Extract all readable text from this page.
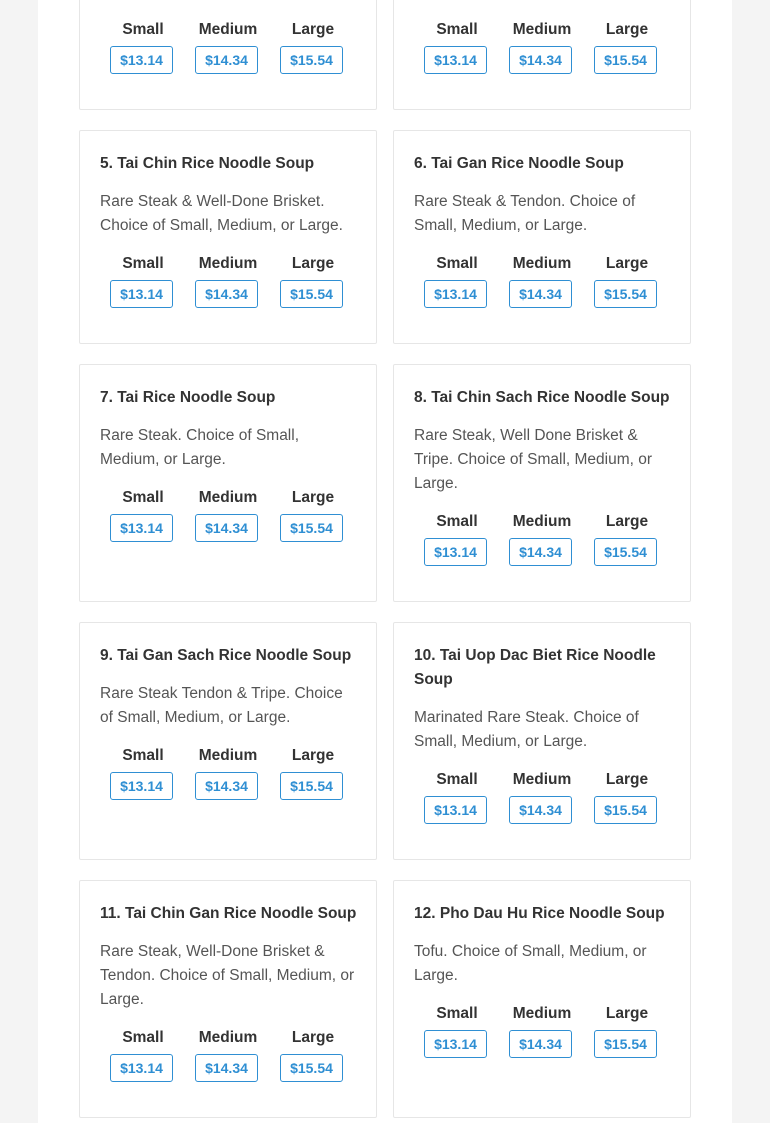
Small
$13.14
Medium
$14.34
Large
$15.54
Small
$13.14
Medium
$14.34
Large
$15.54
5. Tai Chin Rice Noodle Soup
Rare Steak & Well-Done Brisket. Choice of Small, Medium, or Large.
Small
$13.14
Medium
$14.34
Large
$15.54
6. Tai Gan Rice Noodle Soup
Rare Steak & Tendon. Choice of Small, Medium, or Large.
Small
$13.14
Medium
$14.34
Large
$15.54
7. Tai Rice Noodle Soup
Rare Steak. Choice of Small, Medium, or Large.
Small
$13.14
Medium
$14.34
Large
$15.54
8. Tai Chin Sach Rice Noodle Soup
Rare Steak, Well Done Brisket & Tripe. Choice of Small, Medium, or Large.
Small
$13.14
Medium
$14.34
Large
$15.54
9. Tai Gan Sach Rice Noodle Soup
Rare Steak Tendon & Tripe. Choice of Small, Medium, or Large.
Small
$13.14
Medium
$14.34
Large
$15.54
10. Tai Uop Dac Biet Rice Noodle Soup
Marinated Rare Steak. Choice of Small, Medium, or Large.
Small
$13.14
Medium
$14.34
Large
$15.54
11. Tai Chin Gan Rice Noodle Soup
Rare Steak, Well-Done Brisket & Tendon. Choice of Small, Medium, or Large.
Small
$13.14
Medium
$14.34
Large
$15.54
12. Pho Dau Hu Rice Noodle Soup
Tofu. Choice of Small, Medium, or Large.
Small
$13.14
Medium
$14.34
Large
$15.54
